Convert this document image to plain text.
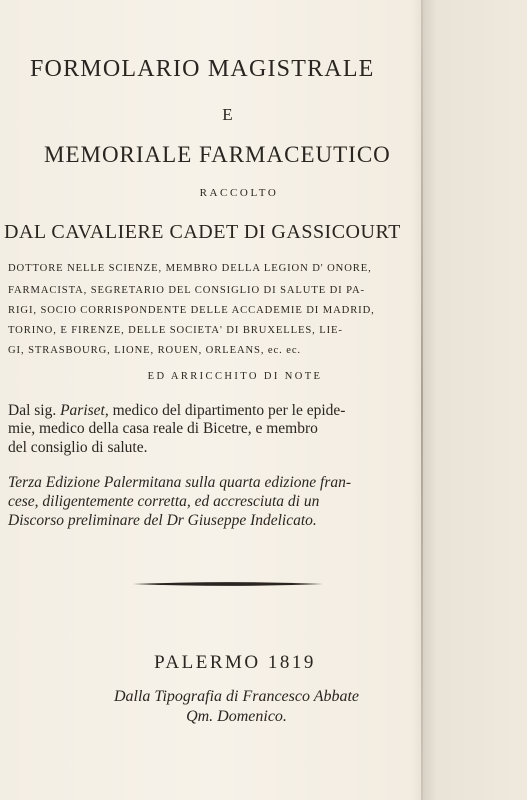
FORMOLARIO MAGISTRALE

E

MEMORIALE FARMACEUTICO

RACCOLTO

DAL CAVALIERE CADET DI GASSICOURT

DOTTORE NELLE SCIENZE, MEMBRO DELLA LEGION D' ONORE,

FARMACISTA, SEGRETARIO DEL CONSIGLIO DI SALUTE DI PA-

RIGI, SOCIO CORRISPONDENTE DELLE ACCADEMIE DI MADRID,

TORINO, E FIRENZE, DELLE SOCIETA' DI BRUXELLES, LIE-

GI, STRASBOURG, LIONE, ROUEN, ORLEANS, ec. ec.

ED ARRICCHITO DI NOTE

Dal sig. Pariset, medico del dipartimento per le epide-

mie, medico della casa reale di Bicetre, e membro

del consiglio di salute.

Terza Edizione Palermitana sulla quarta edizione fran-

cese, diligentemente corretta, ed accresciuta di un

Discorso preliminare del Dr Giuseppe Indelicato.

PALERMO 1819

Dalla Tipografia di Francesco Abbate

Qm. Domenico.
